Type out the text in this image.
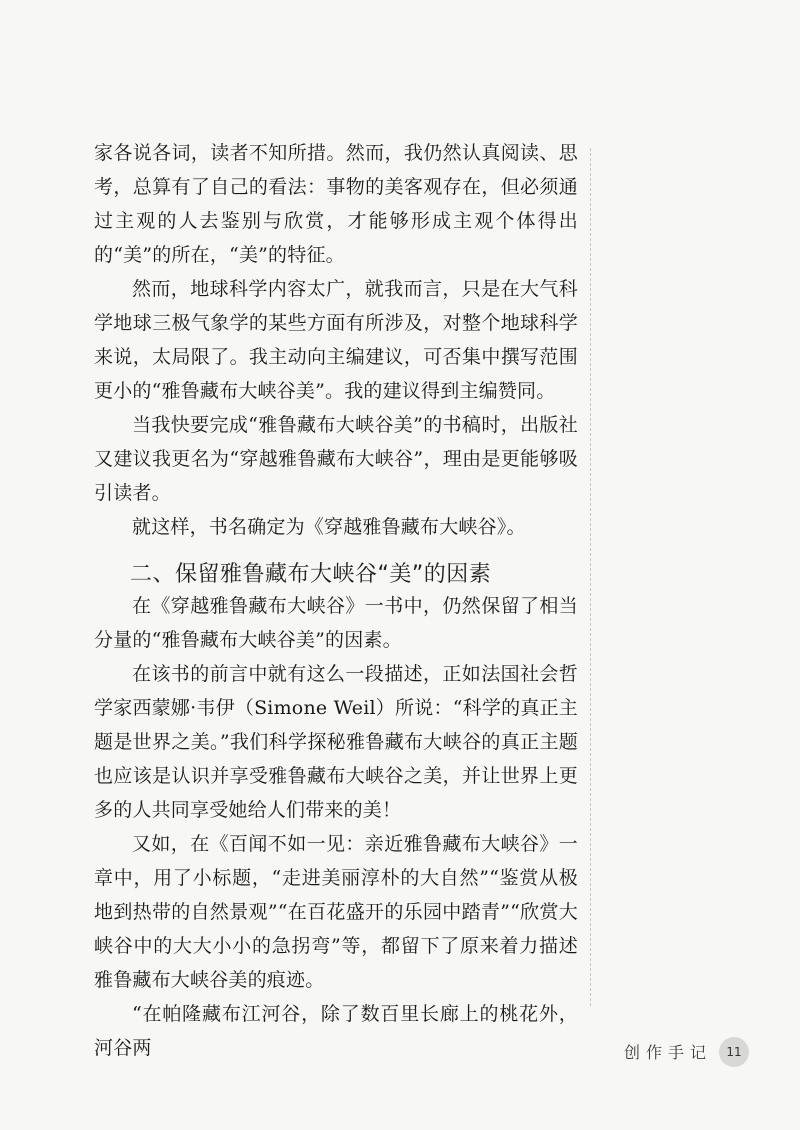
家各说各词，读者不知所措。然而，我仍然认真阅读、思考，总算有了自己的看法：事物的美客观存在，但必须通过主观的人去鉴别与欣赏，才能够形成主观个体得出的“美”的所在，“美”的特征。

然而，地球科学内容太广，就我而言，只是在大气科学地球三极气象学的某些方面有所涉及，对整个地球科学来说，太局限了。我主动向主编建议，可否集中撰写范围更小的“雅鲁藏布大峡谷美”。我的建议得到主编赞同。

当我快要完成“雅鲁藏布大峡谷美”的书稿时，出版社又建议我更名为“穿越雅鲁藏布大峡谷”，理由是更能够吸引读者。

就这样，书名确定为《穿越雅鲁藏布大峡谷》。

二、保留雅鲁藏布大峡谷“美”的因素

在《穿越雅鲁藏布大峡谷》一书中，仍然保留了相当分量的“雅鲁藏布大峡谷美”的因素。

在该书的前言中就有这么一段描述，正如法国社会哲学家西蒙娜·韦伊（Simone Weil）所说：“科学的真正主题是世界之美。”我们科学探秘雅鲁藏布大峡谷的真正主题也应该是认识并享受雅鲁藏布大峡谷之美，并让世界上更多的人共同享受她给人们带来的美！

又如，在《百闻不如一见：亲近雅鲁藏布大峡谷》一章中，用了小标题，“走进美丽淳朴的大自然”“鉴赏从极地到热带的自然景观”“在百花盛开的乐园中踏青”“欣赏大峡谷中的大大小小的急拐弯”等，都留下了原来着力描述雅鲁藏布大峡谷美的痕迹。

“在帕隆藏布江河谷，除了数百里长廊上的桃花外，河谷两	创作手记	11
